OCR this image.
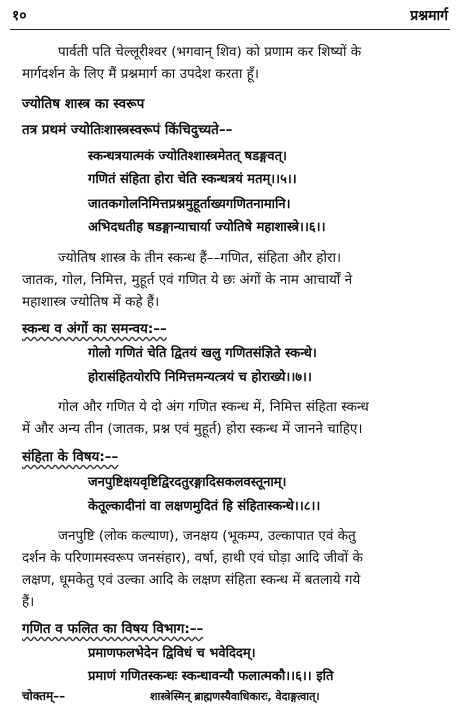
१०	प्रश्नमार्ग
पार्वती पति चेल्लूरीश्वर (भगवान् शिव) को प्रणाम कर शिष्यों के
मार्गदर्शन के लिए मैं प्रश्नमार्ग का उपदेश करता हूँ।
ज्योतिष शास्त्र का स्वरूप
तत्र प्रथमं ज्योतिःशास्त्रस्वरूपं किंचिदुच्यते––
स्कन्धत्रयात्मकं ज्योतिश्शास्त्रमेतत् षडङ्गवत्।
गणितं संहिता होरा चेति स्कन्धत्रयं मतम्।।५।।
जातकगोलनिमित्तप्रश्नमुहूर्ताख्यगणितनामानि।
अभिदधतीह षडङ्गान्याचार्या ज्योतिषे महाशास्त्रे।।६।।
ज्योतिष शास्त्र के तीन स्कन्ध हैं––गणित, संहिता और होरा।
जातक, गोल, निमित्त, मुहूर्त एवं गणित ये छः अंगों के नाम आचार्यों ने
महाशास्त्र ज्योतिष में कहे हैं।
स्कन्ध व अंगों का समन्वय:––
गोलो गणितं चेति द्वितयं खलु गणितसंज्ञिते स्कन्धे।
होरासंहितयोरपि निमित्तमन्यत्त्रयं च होराख्ये।।७।।
गोल और गणित ये दो अंग गणित स्कन्ध में, निमित्त संहिता स्कन्ध
में और अन्य तीन (जातक, प्रश्न एवं मुहूर्त) होरा स्कन्ध में जानने चाहिए।
संहिता के विषय:––
जनपुष्टिक्षयवृष्टिद्विरदतुरङ्गादिसकलवस्तूनाम्।
केतूल्कादीनां वा लक्षणमुदितं हि संहितास्कन्धे।।८।।
जनपुष्टि (लोक कल्याण), जनक्षय (भूकम्प, उल्कापात एवं केतु
दर्शन के परिणामस्वरूप जनसंहार), वर्षा, हाथी एवं घोड़ा आदि जीवों के
लक्षण, धूमकेतु एवं उल्का आदि के लक्षण संहिता स्कन्ध में बतलाये गये
हैं।
गणित व फलित का विषय विभाग:––
प्रमाणफलभेदेन द्विविधं च भवेदिदम्।
प्रमाणं गणितस्कन्धः स्कन्धावन्यौ फलात्मकौ।।६।। इति
चोक्तम्––	शास्त्रेस्मिन् ब्राह्मणस्यैवाधिकारः, वेदाङ्गत्वात्।
